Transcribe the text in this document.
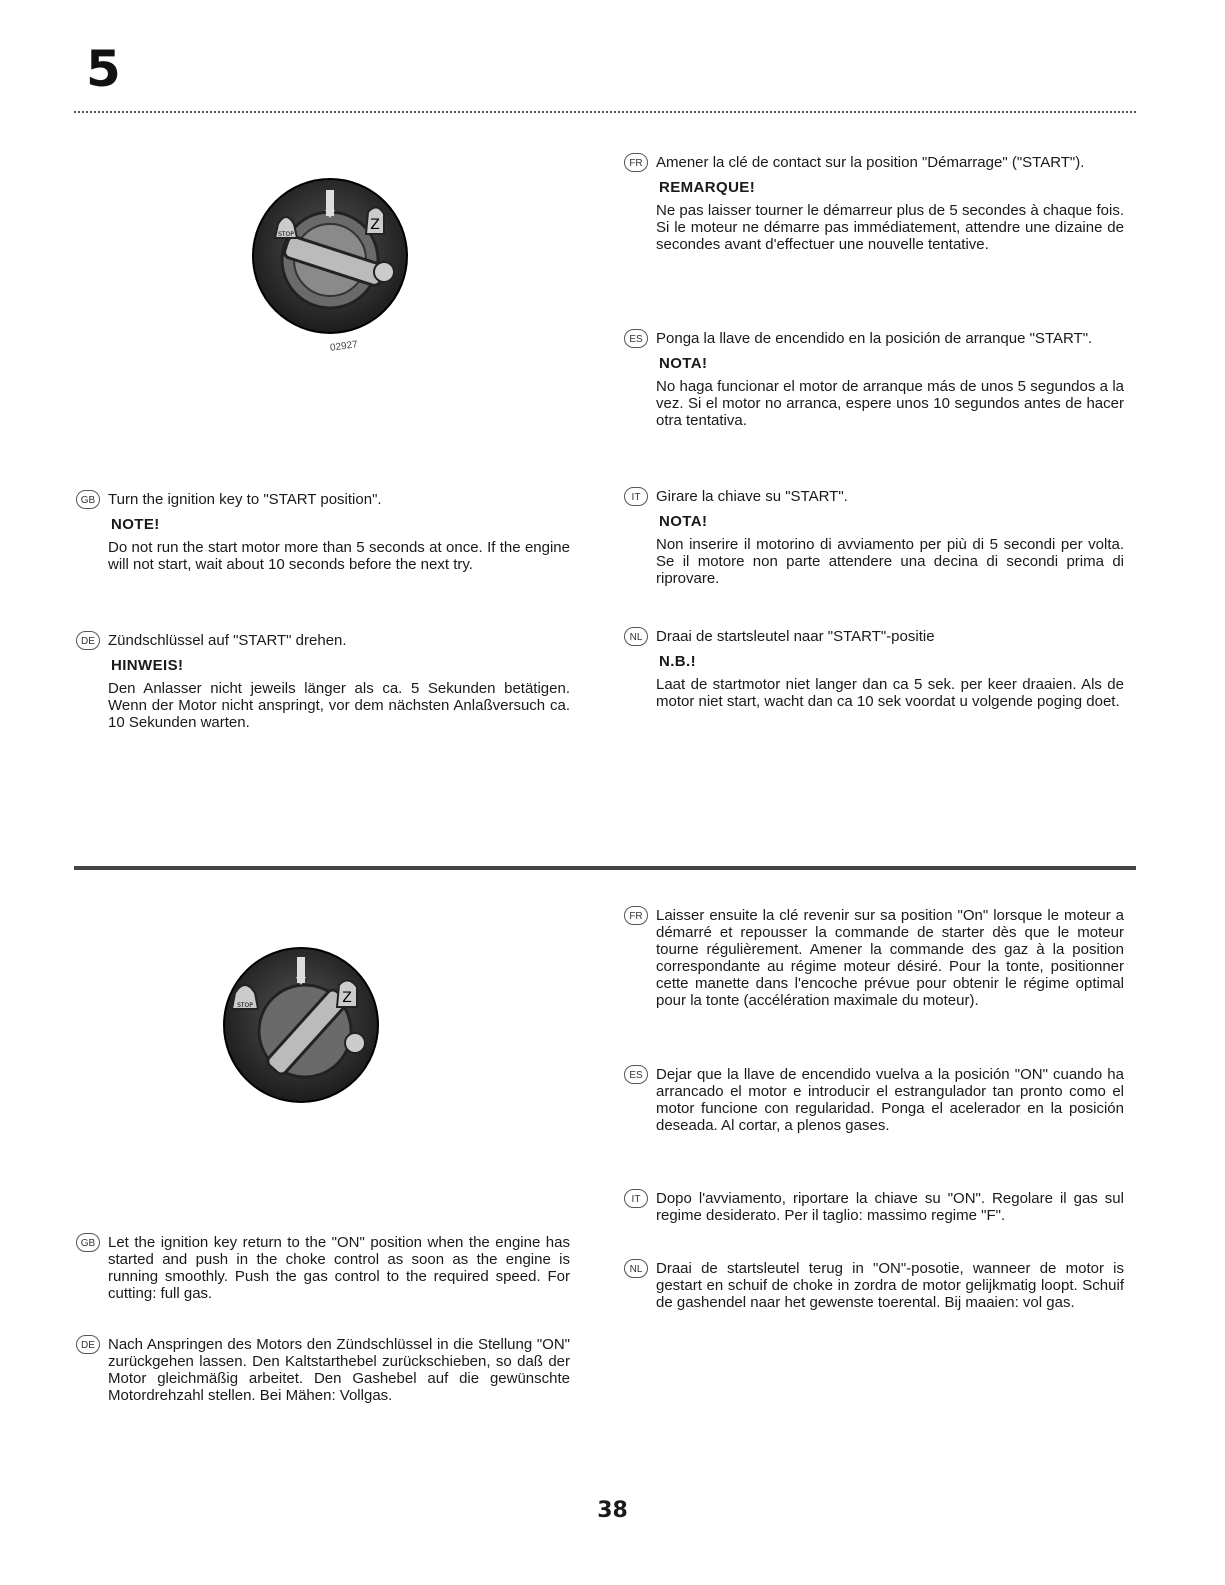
5
STOP
Z
02927
GB Turn the ignition key to "START position".
NOTE!
Do not run the start motor more than 5 seconds at once. If the engine will not start, wait about 10 seconds before the next try.
DE Zündschlüssel auf "START" drehen.
HINWEIS!
Den Anlasser nicht jeweils länger als ca. 5 Sekunden betätigen. Wenn der Motor nicht anspringt, vor dem nächsten Anlaßversuch ca. 10 Sekunden warten.
FR Amener la clé de contact sur la position "Démarrage" ("START").
REMARQUE!
Ne pas laisser tourner le démarreur plus de 5 secondes à chaque fois. Si le moteur ne démarre pas immédiatement, attendre une dizaine de secondes avant d'effectuer une nouvelle tentative.
ES Ponga la llave de encendido en la posición de arranque "START".
NOTA!
No haga funcionar el motor de arranque más de unos 5 segundos a la vez. Si el motor no arranca, espere unos 10 segundos antes de hacer otra tentativa.
IT	Girare la chiave su "START".
NOTA!
Non inserire il motorino di avviamento per più di 5 secondi per volta. Se il motore non parte attendere una decina di secondi prima di riprovare.
NL Draai de startsleutel naar "START"-positie
N.B.!
Laat de startmotor niet langer dan ca 5 sek. per keer draaien. Als de motor niet start, wacht dan ca 10 sek voordat u volgende poging doet.
STOP	Z
GB Let the ignition key return to the "ON" position when the engine has started and push in the choke control as soon as the engine is running smoothly. Push the gas control to the required speed. For cutting: full gas.
DE Nach Anspringen des Motors den Zündschlüssel in die Stellung "ON" zurückgehen lassen. Den Kaltstarthebel zurückschieben, so daß der Motor gleichmäßig arbeitet. Den Gashebel auf die gewünschte Motordrehzahl stellen. Bei Mähen: Vollgas.
FR Laisser ensuite la clé revenir sur sa position "On" lorsque le moteur a démarré et repousser la commande de starter dès que le moteur tourne régulièrement. Amener la commande des gaz à la position correspondante au régime moteur désiré. Pour la tonte, positionner cette manette dans l'encoche prévue pour obtenir le régime optimal pour la tonte (accélération maximale du moteur).
ES Dejar que la llave de encendido vuelva a la posición "ON" cuando ha arrancado el motor e introducir el estrangulador tan pronto como el motor funcione con regularidad. Ponga el acelerador en la posición deseada. Al cortar, a plenos gases.
IT	Dopo l'avviamento, riportare la chiave su "ON". Regolare il gas sul regime desiderato. Per il taglio: massimo regime "F".
NL Draai de startsleutel terug in "ON"-posotie, wanneer de motor is gestart en schuif de choke in zordra de motor gelijkmatig loopt. Schuif de gashendel naar het gewenste toerental. Bij maaien: vol gas.
38
